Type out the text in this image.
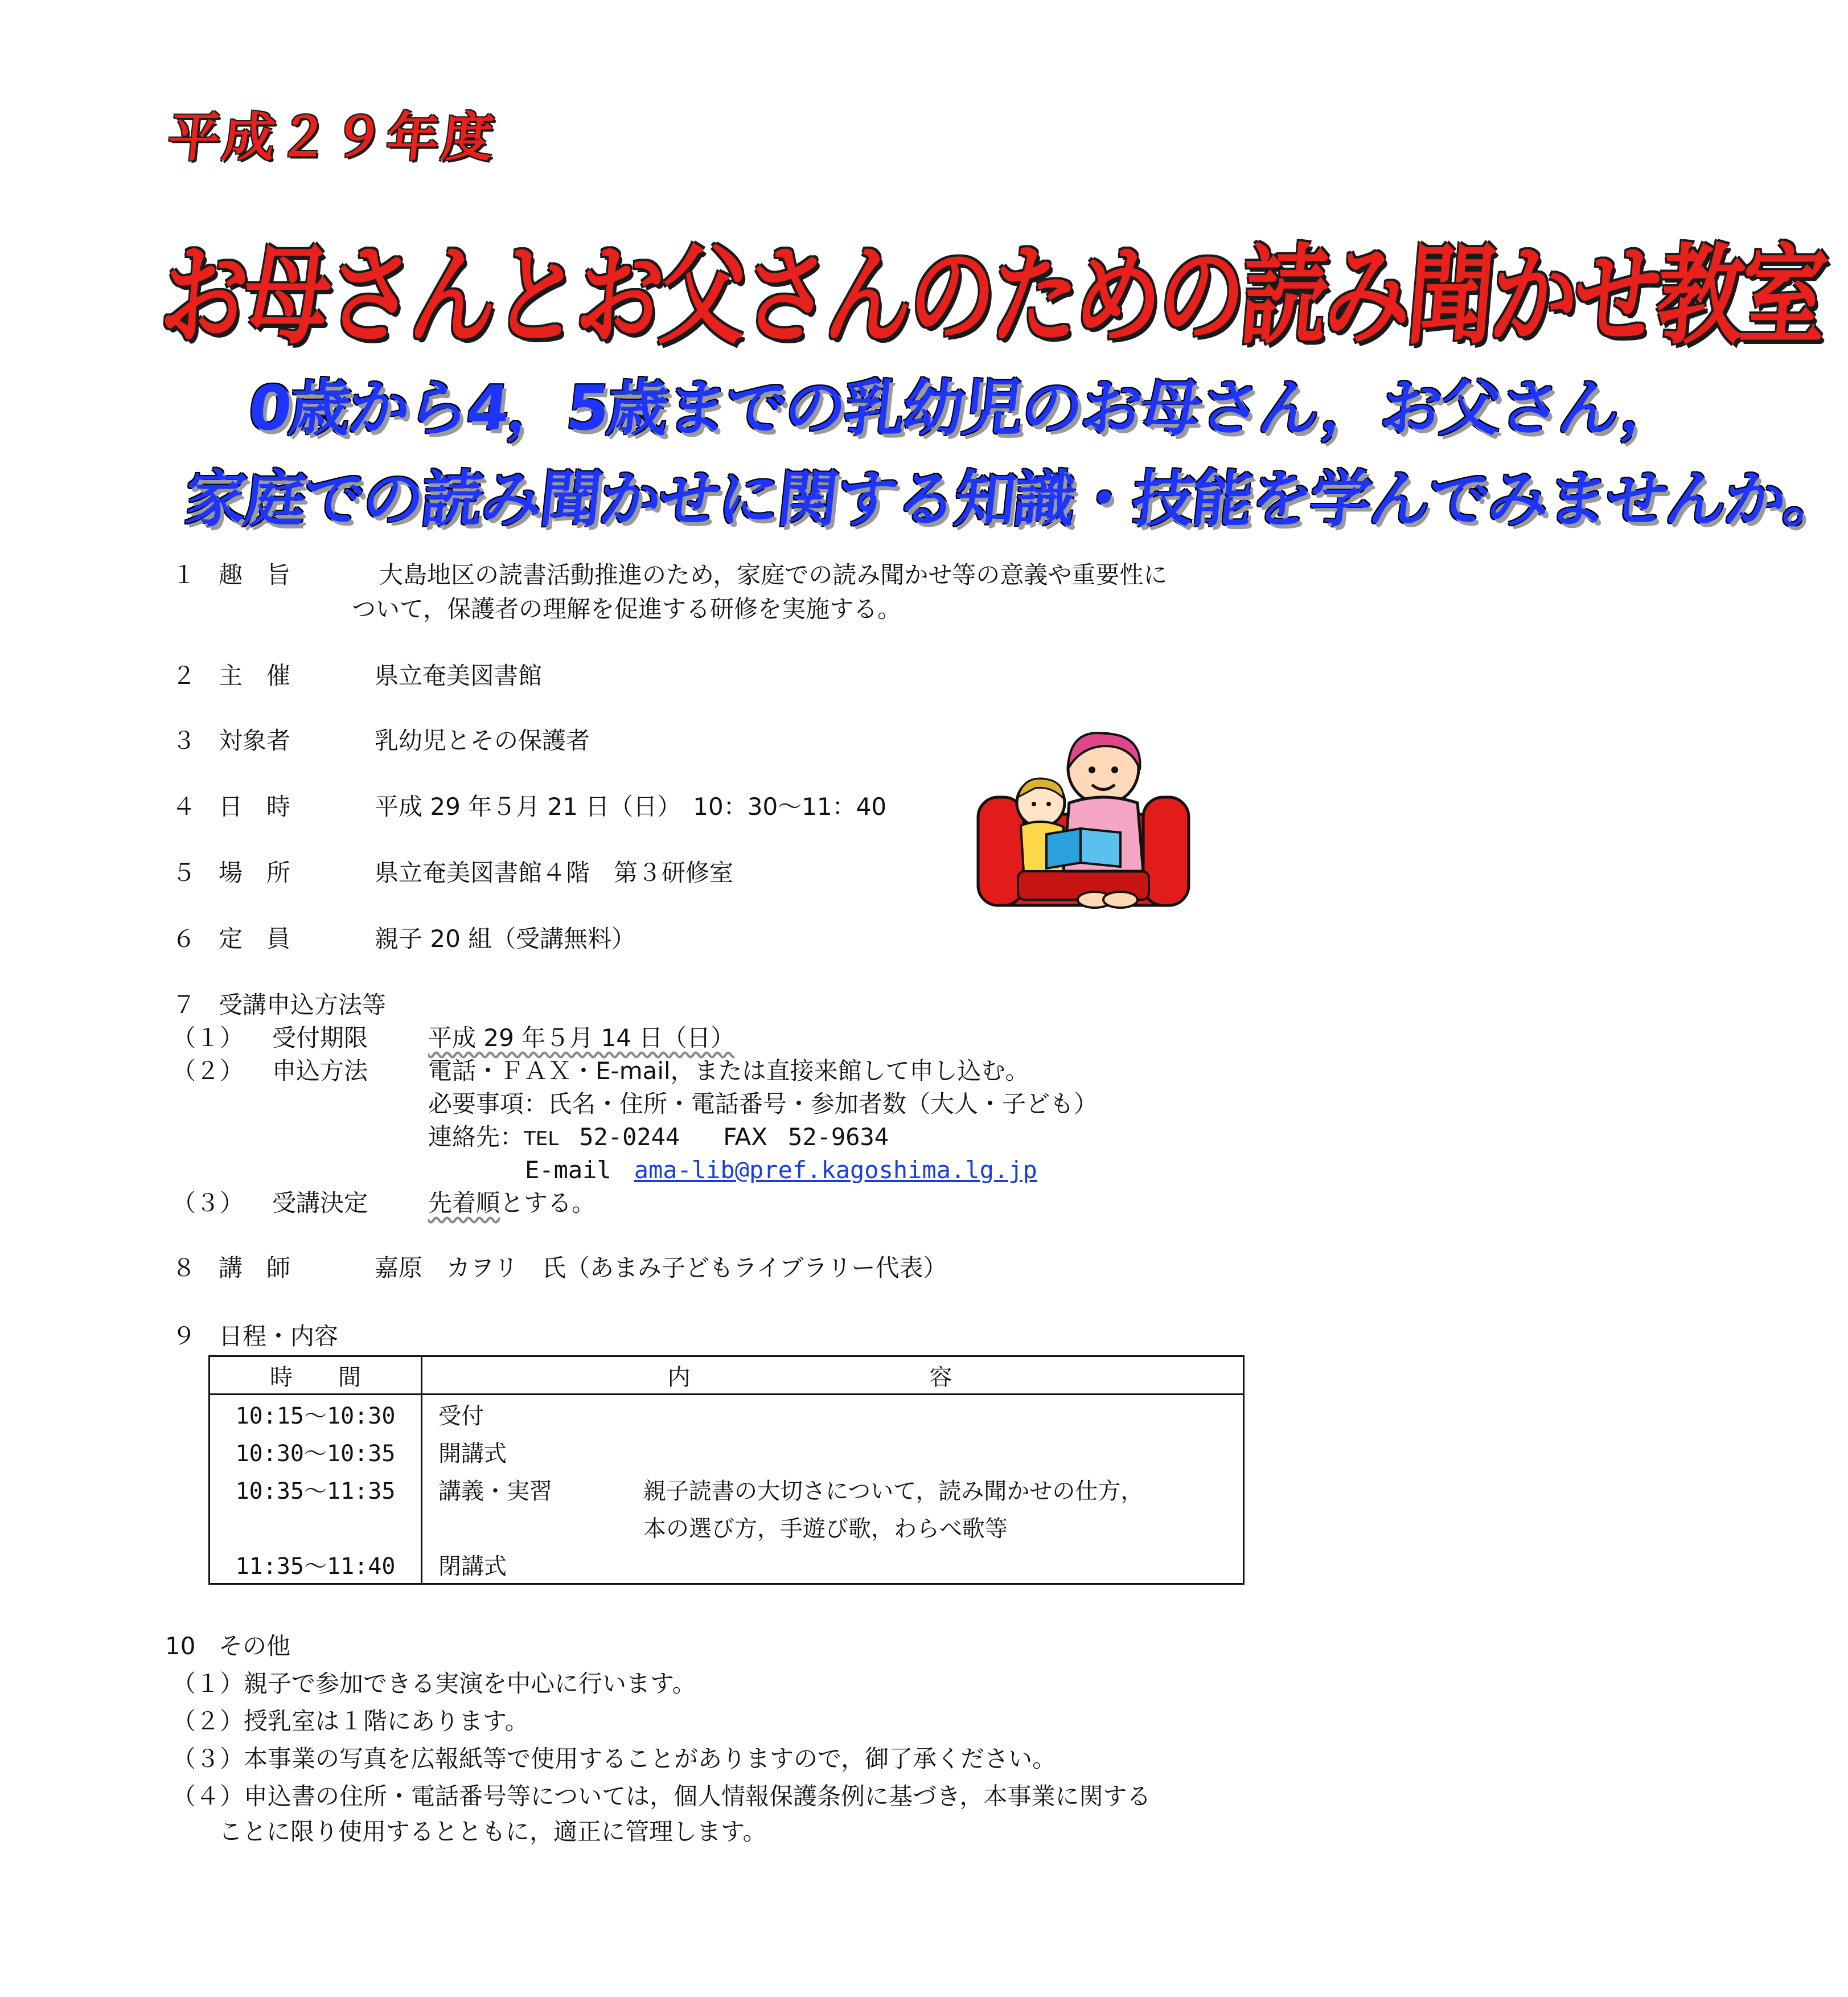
平成２９年度
お母さんとお父さんのための読み聞かせ教室
0歳から4，5歳までの乳幼児のお母さん，お父さん，
家庭での読み聞かせに関する知識・技能を学んでみませんか。
１ 趣　旨	大島地区の読書活動推進のため，家庭での読み聞かせ等の意義や重要性に
ついて，保護者の理解を促進する研修を実施する。
２ 主　催	県立奄美図書館
３ 対象者	乳幼児とその保護者
４ 日　時	平成 29 年５月 21 日（日）　10：30～11：40
５ 場　所	県立奄美図書館４階　第３研修室
６ 定　員	親子 20 組（受講無料）
７ 受講申込方法等
（１） 受付期限	平成 29 年５月 14 日（日）
（２） 申込方法	電話・ＦＡＸ・E-mail，または直接来館して申し込む。
必要事項：氏名・住所・電話番号・参加者数（大人・子ども）
連絡先：TEL 52-0244 FAX 52-9634
E-mail ama-lib@pref.kagoshima.lg.jp
（３） 受講決定	先着順とする。
８ 講　師	嘉原　カヲリ　氏（あまみ子どもライブラリー代表）
９ 日程・内容
時　　間	内 容	
10:15～10:30	受付	
10:30～10:35	開講式	
10:35～11:35	講義・実習	親子読書の大切さについて，読み聞かせの仕方，
		本の選び方，手遊び歌，わらべ歌等
11:35～11:40	閉講式	
10 その他
（１）親子で参加できる実演を中心に行います。
（２）授乳室は１階にあります。
（３）本事業の写真を広報紙等で使用することがありますので，御了承ください。
（４）申込書の住所・電話番号等については，個人情報保護条例に基づき，本事業に関する
ことに限り使用するとともに，適正に管理します。
